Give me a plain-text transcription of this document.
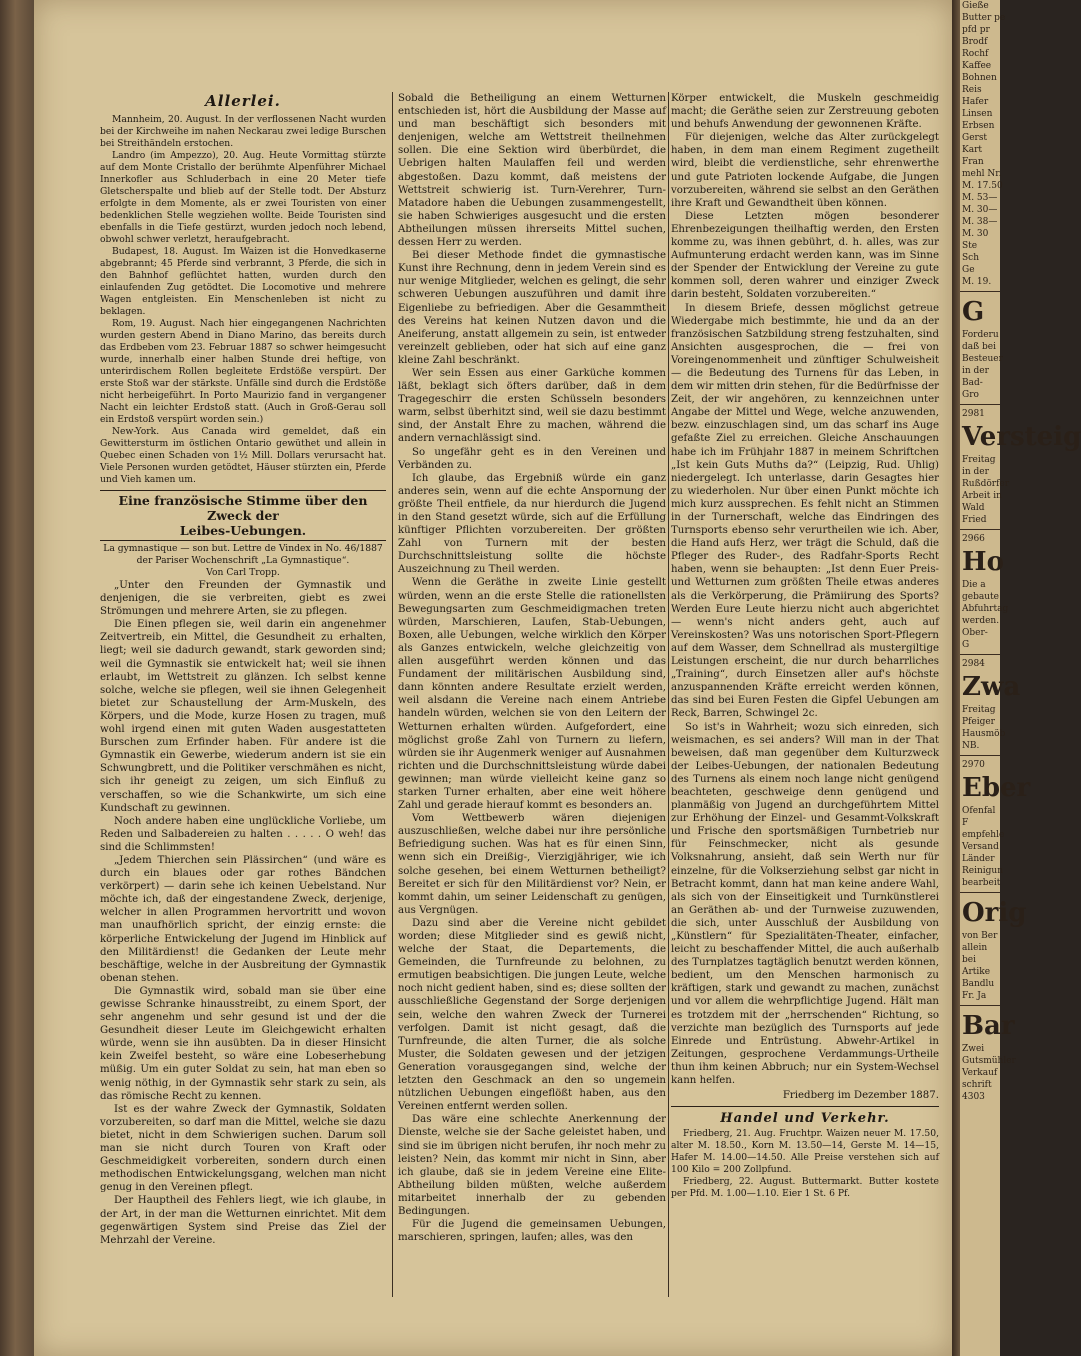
Allerlei.

Mannheim, 20. August. In der verflossenen Nacht wurden bei der Kirchweihe im nahen Neckarau zwei ledige Burschen bei Streithändeln erstochen.

Landro (im Ampezzo), 20. Aug. Heute Vormittag stürzte auf dem Monte Cristallo der berühmte Alpenführer Michael Innerkofler aus Schluderbach in eine 20 Meter tiefe Gletscherspalte und blieb auf der Stelle todt. Der Absturz erfolgte in dem Momente, als er zwei Touristen von einer bedenklichen Stelle wegziehen wollte. Beide Touristen sind ebenfalls in die Tiefe gestürzt, wurden jedoch noch lebend, obwohl schwer verletzt, heraufgebracht.

Budapest, 18. August. Im Waizen ist die Honvedkaserne abgebrannt; 45 Pferde sind verbrannt, 3 Pferde, die sich in den Bahnhof geflüchtet hatten, wurden durch den einlaufenden Zug getödtet. Die Locomotive und mehrere Wagen entgleisten. Ein Menschenleben ist nicht zu beklagen.

Rom, 19. August. Nach hier eingegangenen Nachrichten wurden gestern Abend in Diano Marino, das bereits durch das Erdbeben vom 23. Februar 1887 so schwer heimgesucht wurde, innerhalb einer halben Stunde drei heftige, von unterirdischem Rollen begleitete Erdstöße verspürt. Der erste Stoß war der stärkste. Unfälle sind durch die Erdstöße nicht herbeigeführt. In Porto Maurizio fand in vergangener Nacht ein leichter Erdstoß statt. (Auch in Groß-Gerau soll ein Erdstoß verspürt worden sein.)

New-York. Aus Canada wird gemeldet, daß ein Gewittersturm im östlichen Ontario gewüthet und allein in Quebec einen Schaden von 1½ Mill. Dollars verursacht hat. Viele Personen wurden getödtet, Häuser stürzten ein, Pferde und Vieh kamen um.

Eine französische Stimme über den Zweck der
Leibes-Uebungen.

La gymnastique — son but. Lettre de Vindex in No. 46/1887 der Pariser Wochenschrift „La Gymnastique“.

Von Carl Tropp.

„Unter den Freunden der Gymnastik und denjenigen, die sie verbreiten, giebt es zwei Strömungen und mehrere Arten, sie zu pflegen.

Die Einen pflegen sie, weil darin ein angenehmer Zeitvertreib, ein Mittel, die Gesundheit zu erhalten, liegt; weil sie dadurch gewandt, stark geworden sind; weil die Gymnastik sie entwickelt hat; weil sie ihnen erlaubt, im Wettstreit zu glänzen. Ich selbst kenne solche, welche sie pflegen, weil sie ihnen Gelegenheit bietet zur Schaustellung der Arm-Muskeln, des Körpers, und die Mode, kurze Hosen zu tragen, muß wohl irgend einen mit guten Waden ausgestatteten Burschen zum Erfinder haben. Für andere ist die Gymnastik ein Gewerbe, wiederum andern ist sie ein Schwungbrett, und die Politiker verschmähen es nicht, sich ihr geneigt zu zeigen, um sich Einfluß zu verschaffen, so wie die Schankwirte, um sich eine Kundschaft zu gewinnen.

Noch andere haben eine unglückliche Vorliebe, um Reden und Salbadereien zu halten . . . . . O weh! das sind die Schlimmsten!

„Jedem Thierchen sein Plässirchen“ (und wäre es durch ein blaues oder gar rothes Bändchen verkörpert) — darin sehe ich keinen Uebelstand. Nur möchte ich, daß der eingestandene Zweck, derjenige, welcher in allen Programmen hervortritt und wovon man unaufhörlich spricht, der einzig ernste: die körperliche Entwickelung der Jugend im Hinblick auf den Militärdienst! die Gedanken der Leute mehr beschäftige, welche in der Ausbreitung der Gymnastik obenan stehen.

Die Gymnastik wird, sobald man sie über eine gewisse Schranke hinausstreibt, zu einem Sport, der sehr angenehm und sehr gesund ist und der die Gesundheit dieser Leute im Gleichgewicht erhalten würde, wenn sie ihn ausübten. Da in dieser Hinsicht kein Zweifel besteht, so wäre eine Lobeserhebung müßig. Um ein guter Soldat zu sein, hat man eben so wenig nöthig, in der Gymnastik sehr stark zu sein, als das römische Recht zu kennen.

Ist es der wahre Zweck der Gymnastik, Soldaten vorzubereiten, so darf man die Mittel, welche sie dazu bietet, nicht in dem Schwierigen suchen. Darum soll man sie nicht durch Touren von Kraft oder Geschmeidigkeit vorbereiten, sondern durch einen methodischen Entwickelungsgang, welchen man nicht genug in den Vereinen pflegt.

Der Hauptheil des Fehlers liegt, wie ich glaube, in der Art, in der man die Wetturnen einrichtet. Mit dem gegenwärtigen System sind Preise das Ziel der Mehrzahl der Vereine.

Sobald die Betheiligung an einem Wetturnen entschieden ist, hört die Ausbildung der Masse auf und man beschäftigt sich besonders mit denjenigen, welche am Wettstreit theilnehmen sollen. Die eine Sektion wird überbürdet, die Uebrigen halten Maulaffen feil und werden abgestoßen. Dazu kommt, daß meistens der Wettstreit schwierig ist. Turn-Verehrer, Turn-Matadore haben die Uebungen zusammengestellt, sie haben Schwieriges ausgesucht und die ersten Abtheilungen müssen ihrerseits Mittel suchen, dessen Herr zu werden.

Bei dieser Methode findet die gymnastische Kunst ihre Rechnung, denn in jedem Verein sind es nur wenige Mitglieder, welchen es gelingt, die sehr schweren Uebungen auszuführen und damit ihre Eigenliebe zu befriedigen. Aber die Gesammtheit des Vereins hat keinen Nutzen davon und die Aneiferung, anstatt allgemein zu sein, ist entweder vereinzelt geblieben, oder hat sich auf eine ganz kleine Zahl beschränkt.

Wer sein Essen aus einer Garküche kommen läßt, beklagt sich öfters darüber, daß in dem Tragegeschirr die ersten Schüsseln besonders warm, selbst überhitzt sind, weil sie dazu bestimmt sind, der Anstalt Ehre zu machen, während die andern vernachlässigt sind.

So ungefähr geht es in den Vereinen und Verbänden zu.

Ich glaube, das Ergebniß würde ein ganz anderes sein, wenn auf die echte Anspornung der größte Theil entfiele, da nur hierdurch die Jugend in den Stand gesetzt würde, sich auf die Erfüllung künftiger Pflichten vorzubereiten. Der größten Zahl von Turnern mit der besten Durchschnittsleistung sollte die höchste Auszeichnung zu Theil werden.

Wenn die Geräthe in zweite Linie gestellt würden, wenn an die erste Stelle die rationellsten Bewegungsarten zum Geschmeidigmachen treten würden, Marschieren, Laufen, Stab-Uebungen, Boxen, alle Uebungen, welche wirklich den Körper als Ganzes entwickeln, welche gleichzeitig von allen ausgeführt werden können und das Fundament der militärischen Ausbildung sind, dann könnten andere Resultate erzielt werden, weil alsdann die Vereine nach einem Antriebe handeln würden, welchen sie von den Leitern der Wetturnen erhalten würden. Aufgefordert, eine möglichst große Zahl von Turnern zu liefern, würden sie ihr Augenmerk weniger auf Ausnahmen richten und die Durchschnittsleistung würde dabei gewinnen; man würde vielleicht keine ganz so starken Turner erhalten, aber eine weit höhere Zahl und gerade hierauf kommt es besonders an.

Vom Wettbewerb wären diejenigen auszuschließen, welche dabei nur ihre persönliche Befriedigung suchen. Was hat es für einen Sinn, wenn sich ein Dreißig-, Vierzigjähriger, wie ich solche gesehen, bei einem Wetturnen betheiligt? Bereitet er sich für den Militärdienst vor? Nein, er kommt dahin, um seiner Leidenschaft zu genügen, aus Vergnügen.

Dazu sind aber die Vereine nicht gebildet worden; diese Mitglieder sind es gewiß nicht, welche der Staat, die Departements, die Gemeinden, die Turnfreunde zu belohnen, zu ermutigen beabsichtigen. Die jungen Leute, welche noch nicht gedient haben, sind es; diese sollten der ausschließliche Gegenstand der Sorge derjenigen sein, welche den wahren Zweck der Turnerei verfolgen. Damit ist nicht gesagt, daß die Turnfreunde, die alten Turner, die als solche Muster, die Soldaten gewesen und der jetzigen Generation vorausgegangen sind, welche der letzten den Geschmack an den so ungemein nützlichen Uebungen eingeflößt haben, aus den Vereinen entfernt werden sollen.

Das wäre eine schlechte Anerkennung der Dienste, welche sie der Sache geleistet haben, und sind sie im übrigen nicht berufen, ihr noch mehr zu leisten? Nein, das kommt mir nicht in Sinn, aber ich glaube, daß sie in jedem Vereine eine Elite-Abtheilung bilden müßten, welche außerdem mitarbeitet innerhalb der zu gebenden Bedingungen.

Für die Jugend die gemeinsamen Uebungen, marschieren, springen, laufen; alles, was den

Körper entwickelt, die Muskeln geschmeidig macht; die Geräthe seien zur Zerstreuung geboten und behufs Anwendung der gewonnenen Kräfte.

Für diejenigen, welche das Alter zurückgelegt haben, in dem man einem Regiment zugetheilt wird, bleibt die verdienstliche, sehr ehrenwerthe und gute Patrioten lockende Aufgabe, die Jungen vorzubereiten, während sie selbst an den Geräthen ihre Kraft und Gewandtheit üben können.

Diese Letzten mögen besonderer Ehrenbezeigungen theilhaftig werden, den Ersten komme zu, was ihnen gebührt, d. h. alles, was zur Aufmunterung erdacht werden kann, was im Sinne der Spender der Entwicklung der Vereine zu gute kommen soll, deren wahrer und einziger Zweck darin besteht, Soldaten vorzubereiten.“

In diesem Briefe, dessen möglichst getreue Wiedergabe mich bestimmte, hie und da an der französischen Satzbildung streng festzuhalten, sind Ansichten ausgesprochen, die — frei von Voreingenommenheit und zünftiger Schulweisheit — die Bedeutung des Turnens für das Leben, in dem wir mitten drin stehen, für die Bedürfnisse der Zeit, der wir angehören, zu kennzeichnen unter Angabe der Mittel und Wege, welche anzuwenden, bezw. einzuschlagen sind, um das scharf ins Auge gefaßte Ziel zu erreichen. Gleiche Anschauungen habe ich im Frühjahr 1887 in meinem Schriftchen „Ist kein Guts Muths da?“ (Leipzig, Rud. Uhlig) niedergelegt. Ich unterlasse, darin Gesagtes hier zu wiederholen. Nur über einen Punkt möchte ich mich kurz aussprechen. Es fehlt nicht an Stimmen in der Turnerschaft, welche das Eindringen des Turnsports ebenso sehr verurtheilen wie ich. Aber, die Hand aufs Herz, wer trägt die Schuld, daß die Pfleger des Ruder-, des Radfahr-Sports Recht haben, wenn sie behaupten: „Ist denn Euer Preis- und Wetturnen zum größten Theile etwas anderes als die Verkörperung, die Prämiirung des Sports? Werden Eure Leute hierzu nicht auch abgerichtet — wenn's nicht anders geht, auch auf Vereinskosten? Was uns notorischen Sport-Pflegern auf dem Wasser, dem Schnellrad als mustergiltige Leistungen erscheint, die nur durch beharrliches „Training“, durch Einsetzen aller auf's höchste anzuspannenden Kräfte erreicht werden können, das sind bei Euren Festen die Gipfel Uebungen am Reck, Barren, Schwingel 2c.

So ist's in Wahrheit; wozu sich einreden, sich weismachen, es sei anders? Will man in der That beweisen, daß man gegenüber dem Kulturzweck der Leibes-Uebungen, der nationalen Bedeutung des Turnens als einem noch lange nicht genügend beachteten, geschweige denn genügend und planmäßig von Jugend an durchgeführtem Mittel zur Erhöhung der Einzel- und Gesammt-Volkskraft und Frische den sportsmäßigen Turnbetrieb nur für Feinschmecker, nicht als gesunde Volksnahrung, ansieht, daß sein Werth nur für einzelne, für die Volkserziehung selbst gar nicht in Betracht kommt, dann hat man keine andere Wahl, als sich von der Einseitigkeit und Turnkünstlerei an Geräthen ab- und der Turnweise zuzuwenden, die sich, unter Ausschluß der Ausbildung von „Künstlern“ für Spezialitäten-Theater, einfacher, leicht zu beschaffender Mittel, die auch außerhalb des Turnplatzes tagtäglich benutzt werden können, bedient, um den Menschen harmonisch zu kräftigen, stark und gewandt zu machen, zunächst und vor allem die wehrpflichtige Jugend. Hält man es trotzdem mit der „herrschenden“ Richtung, so verzichte man bezüglich des Turnsports auf jede Einrede und Entrüstung. Abwehr-Artikel in Zeitungen, gesprochene Verdammungs-Urtheile thun ihm keinen Abbruch; nur ein System-Wechsel kann helfen.

Friedberg im Dezember 1887.

Handel und Verkehr.

Friedberg, 21. Aug. Fruchtpr. Waizen neuer M. 17.50, alter M. 18.50., Korn M. 13.50—14, Gerste M. 14—15, Hafer M. 14.00—14.50. Alle Preise verstehen sich auf 100 Kilo = 200 Zollpfund.

Friedberg, 22. August. Buttermarkt. Butter kostete per Pfd. M. 1.00—1.10. Eier 1 St. 6 Pf.

Gieße
Butter pe
pfd pr
Brodf
Rochf
Kaffee
Bohnen
Reis
Hafer
Linsen
Erbsen
Gerst
Kart
Fran
mehl Nr.
M. 17.50
M. 53—
M. 30—
M. 38—
M. 30
Ste
Sch
Ge
M. 19.
G
Forderu
daß bei
Besteuer
in der
Bad-
Gro
2981
Versteig
Freitag
in der
Rußdörfer
Arbeit in
Wald
Fried
2966
Ho
Die a
gebaute
Abfuhrtag
werden.
Ober-
G
2984
Zwa
Freitag
Pfeiger
Hausmöb
NB.
2970
Eber
Ofenfal
F
empfehle
Versand
Länder
Reinigun
bearbeit
Orig
von Ber
allein
bei
Artike
Bandlu
Fr. Ja
Bar
Zwei
Gutsmühler
Verkauf
schrift
4303
